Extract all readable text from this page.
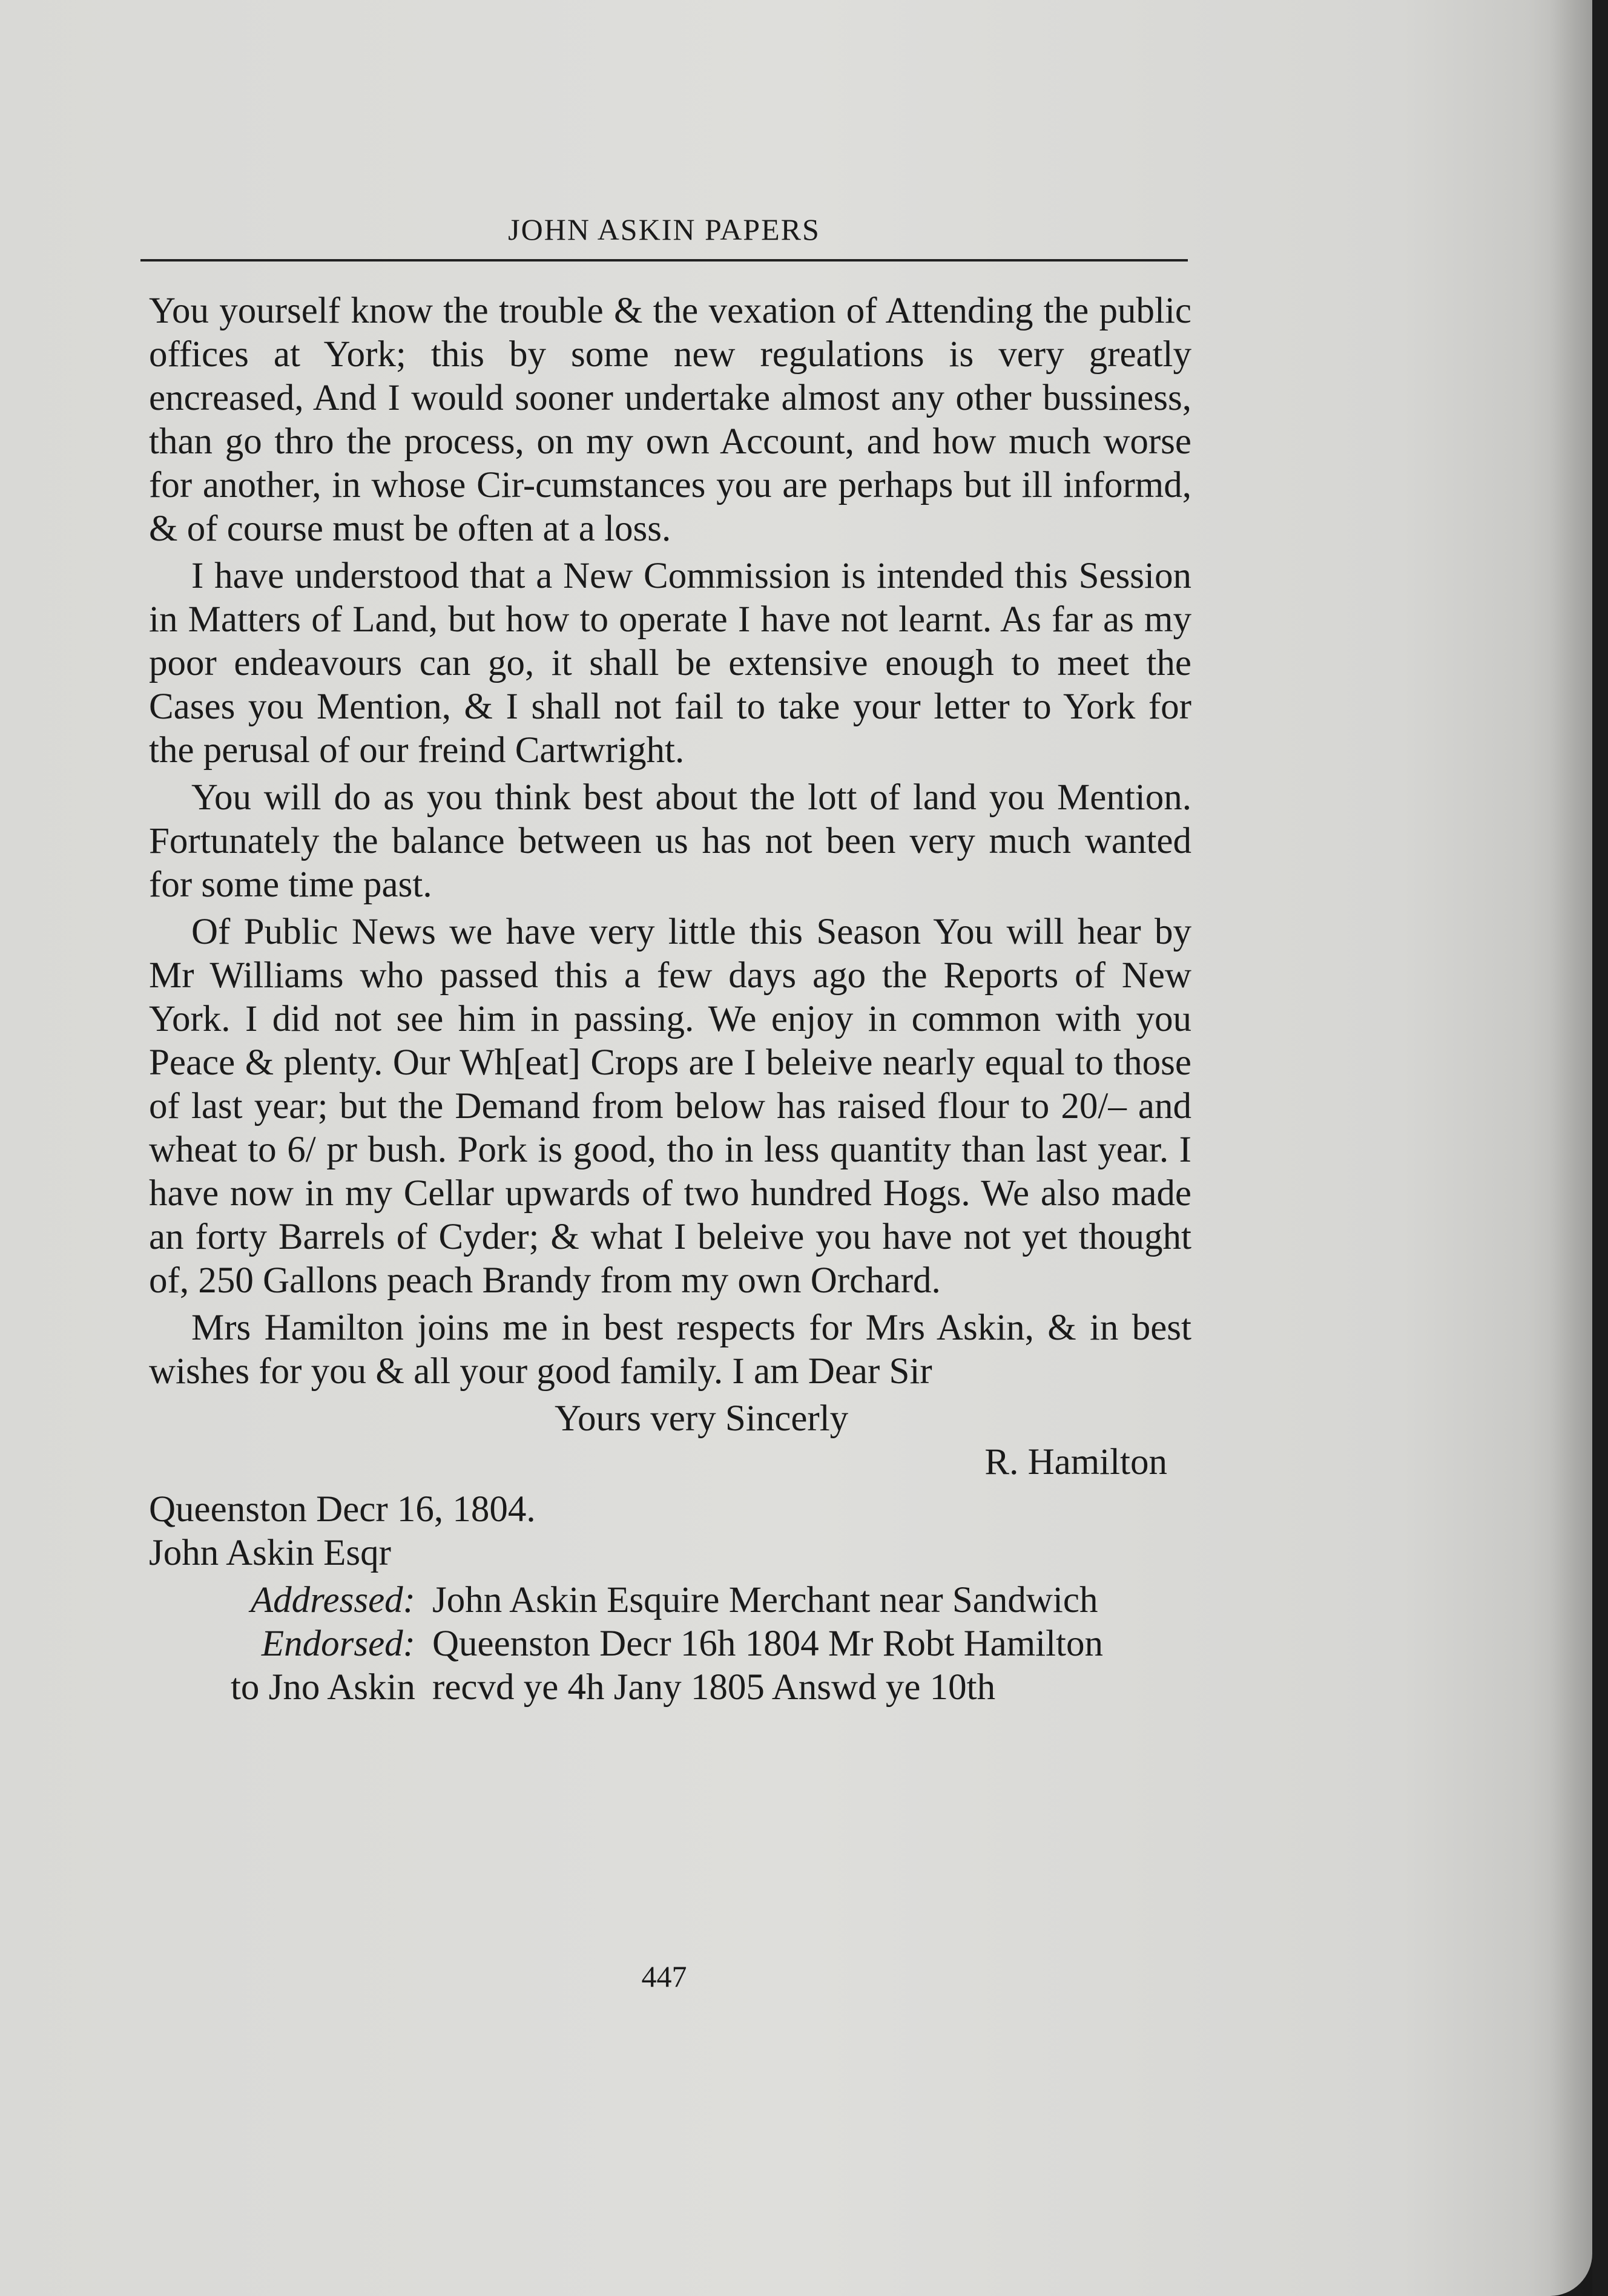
JOHN ASKIN PAPERS

You yourself know the trouble & the vexation of Attending the public offices at York; this by some new regulations is very greatly encreased, And I would sooner undertake almost any other bussiness, than go thro the process, on my own Account, and how much worse for another, in whose Cir-cumstances you are perhaps but ill informd, & of course must be often at a loss.

I have understood that a New Commission is intended this Session in Matters of Land, but how to operate I have not learnt. As far as my poor endeavours can go, it shall be extensive enough to meet the Cases you Mention, & I shall not fail to take your letter to York for the perusal of our freind Cartwright.

You will do as you think best about the lott of land you Mention. Fortunately the balance between us has not been very much wanted for some time past.

Of Public News we have very little this Season You will hear by Mr Williams who passed this a few days ago the Reports of New York. I did not see him in passing. We enjoy in common with you Peace & plenty. Our Wh[eat] Crops are I beleive nearly equal to those of last year; but the Demand from below has raised flour to 20/– and wheat to 6/ pr bush. Pork is good, tho in less quantity than last year. I have now in my Cellar upwards of two hundred Hogs. We also made an forty Barrels of Cyder; & what I beleive you have not yet thought of, 250 Gallons peach Brandy from my own Orchard.

Mrs Hamilton joins me in best respects for Mrs Askin, & in best wishes for you & all your good family. I am Dear Sir

Yours very Sincerly
R. Hamilton
Queenston Decr 16, 1804.
John Askin Esqr
Addressed: John Askin Esquire Merchant near Sandwich
Endorsed: Queenston Decr 16h 1804 Mr Robt Hamilton
to Jno Askin recvd ye 4h Jany 1805 Answd ye 10th
447
